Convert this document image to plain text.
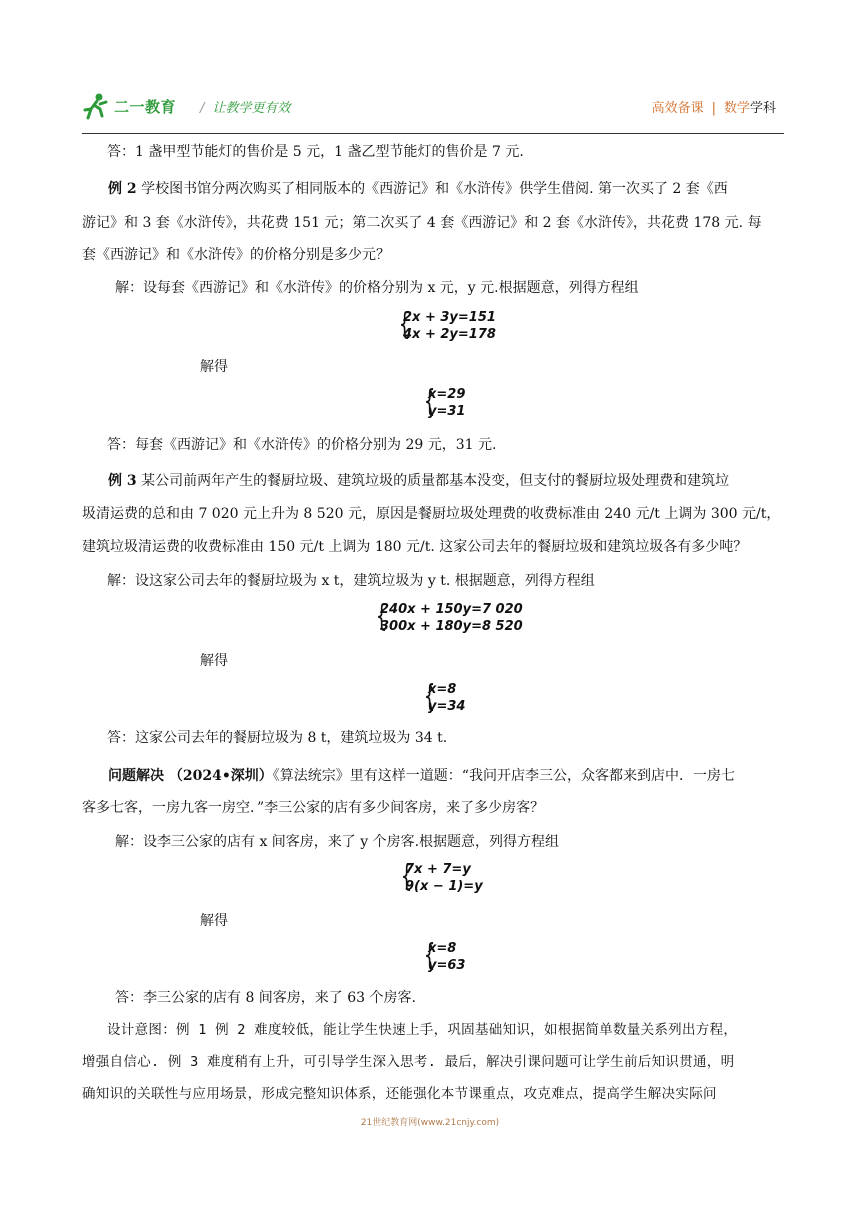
二一教育 / 让教学更有效	高效备课 | 数学学科
答：1 盏甲型节能灯的售价是 5 元，1 盏乙型节能灯的售价是 7 元.
例 2 学校图书馆分两次购买了相同版本的《西游记》和《水浒传》供学生借阅. 第一次买了 2 套《西
游记》和 3 套《水浒传》，共花费 151 元；第二次买了 4 套《西游记》和 2 套《水浒传》，共花费 178 元. 每
套《西游记》和《水浒传》的价格分别是多少元？
解：设每套《西游记》和《水浒传》的价格分别为 x 元，y 元.根据题意，列得方程组
{
2x + 3y=151
4x + 2y=178
解得
{
x=29
y=31
答：每套《西游记》和《水浒传》的价格分别为 29 元，31 元.
例 3 某公司前两年产生的餐厨垃圾、建筑垃圾的质量都基本没变，但支付的餐厨垃圾处理费和建筑垃
圾清运费的总和由 7 020 元上升为 8 520 元，原因是餐厨垃圾处理费的收费标准由 240 元/t 上调为 300 元/t，
建筑垃圾清运费的收费标准由 150 元/t 上调为 180 元/t. 这家公司去年的餐厨垃圾和建筑垃圾各有多少吨？
解：设这家公司去年的餐厨垃圾为 x t，建筑垃圾为 y t. 根据题意，列得方程组
{
240x + 150y=7 020
300x + 180y=8 520
解得
{
x=8
y=34
答：这家公司去年的餐厨垃圾为 8 t，建筑垃圾为 34 t.
问题解决 （2024•深圳）《算法统宗》里有这样一道题：“我问开店李三公，众客都来到店中．一房七
客多七客，一房九客一房空．”李三公家的店有多少间客房，来了多少房客？
解：设李三公家的店有 x 间客房，来了 y 个房客.根据题意，列得方程组
{
7x + 7=y
9(x − 1)=y
解得
{
x=8
y=63
答：李三公家的店有 8 间客房，来了 63 个房客.
设计意图：例 1 例 2 难度较低，能让学生快速上手，巩固基础知识，如根据简单数量关系列出方程，
增强自信心. 例 3 难度稍有上升，可引导学生深入思考. 最后，解决引课问题可让学生前后知识贯通，明
确知识的关联性与应用场景，形成完整知识体系，还能强化本节课重点，攻克难点，提高学生解决实际问
21世纪教育网(www.21cnjy.com)
